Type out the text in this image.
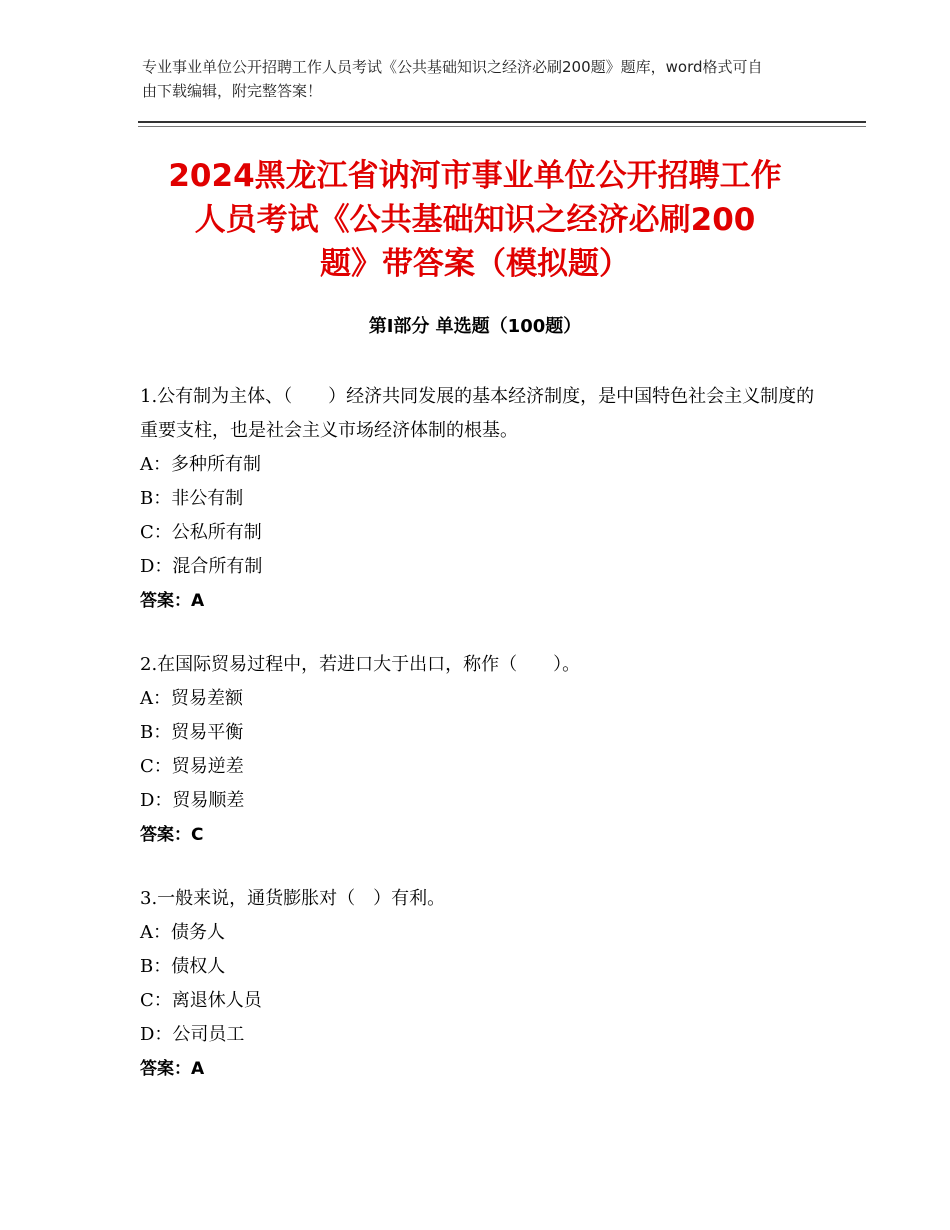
专业事业单位公开招聘工作人员考试《公共基础知识之经济必刷200题》题库，word格式可自由下载编辑，附完整答案！
2024黑龙江省讷河市事业单位公开招聘工作
人员考试《公共基础知识之经济必刷200
题》带答案（模拟题）
第Ⅰ部分 单选题（100题）

1.公有制为主体、（　　）经济共同发展的基本经济制度，是中国特色社会主义制度的重要支柱，也是社会主义市场经济体制的根基。

A：多种所有制

B：非公有制

C：公私所有制

D：混合所有制

答案：A

2.在国际贸易过程中，若进口大于出口，称作（　　）。

A：贸易差额

B：贸易平衡

C：贸易逆差

D：贸易顺差

答案：C

3.一般来说，通货膨胀对（　）有利。

A：债务人

B：债权人

C：离退休人员

D：公司员工

答案：A
